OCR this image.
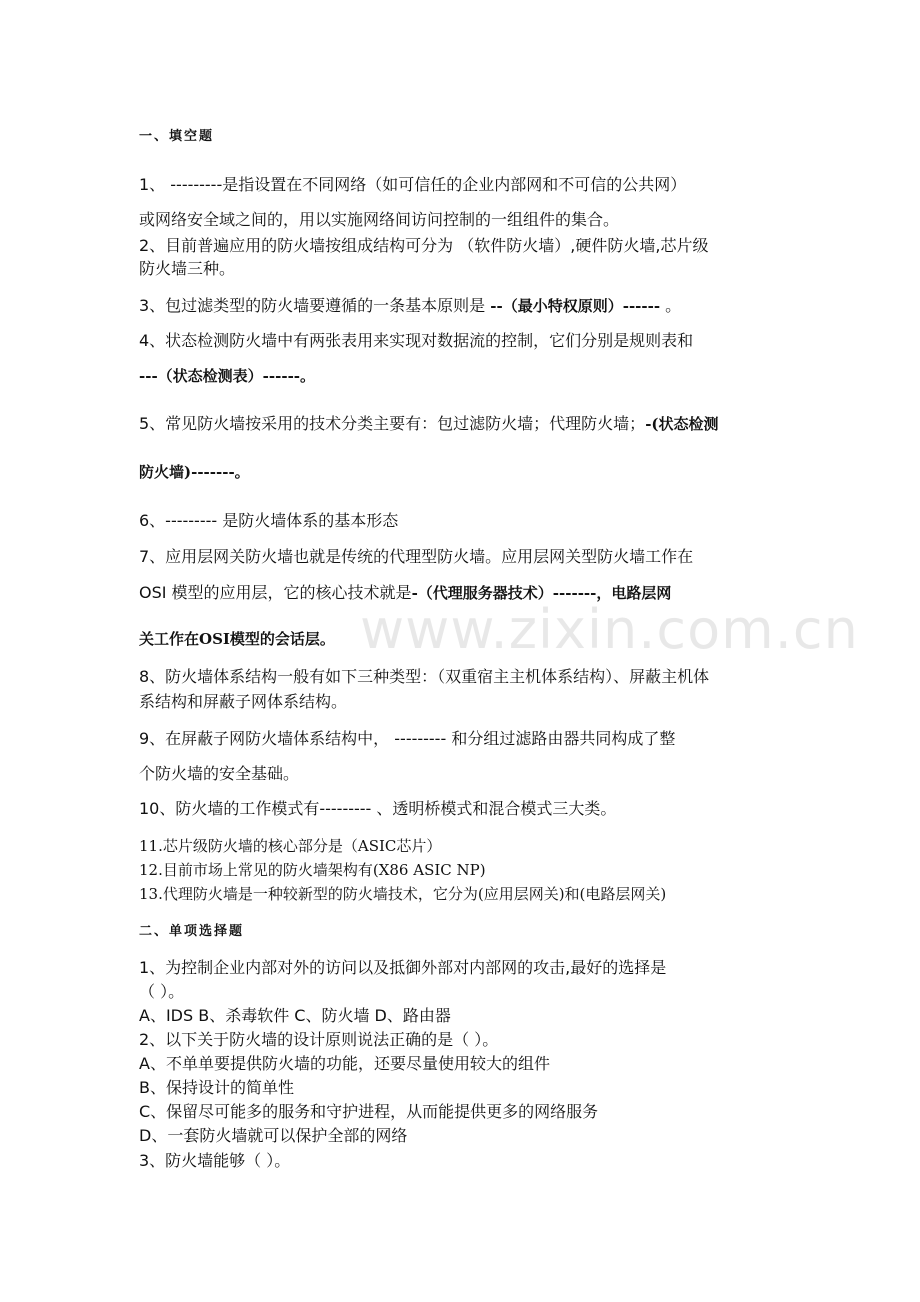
www.zixin.com.cn
一、填空题
1、 ---------是指设置在不同网络（如可信任的企业内部网和不可信的公共网）
或网络安全域之间的，用以实施网络间访问控制的一组组件的集合。
2、目前普遍应用的防火墙按组成结构可分为 （软件防火墙）,硬件防火墙,芯片级
防火墙三种。
3、包过滤类型的防火墙要遵循的一条基本原则是 --（最小特权原则）------ 。
4、状态检测防火墙中有两张表用来实现对数据流的控制，它们分别是规则表和
---（状态检测表）------。
5、常见防火墙按采用的技术分类主要有：包过滤防火墙；代理防火墙；-(状态检测
防火墙)-------。
6、--------- 是防火墙体系的基本形态
7、应用层网关防火墙也就是传统的代理型防火墙。应用层网关型防火墙工作在
OSI 模型的应用层，它的核心技术就是-（代理服务器技术）-------，电路层网
关工作在OSI模型的会话层。
8、防火墙体系结构一般有如下三种类型：（双重宿主主机体系结构）、屏蔽主机体
系结构和屏蔽子网体系结构。
9、在屏蔽子网防火墙体系结构中， --------- 和分组过滤路由器共同构成了整
个防火墙的安全基础。
10、防火墙的工作模式有--------- 、透明桥模式和混合模式三大类。
11.芯片级防火墙的核心部分是（ASIC芯片）
12.目前市场上常见的防火墙架构有(X86 ASIC NP)
13.代理防火墙是一种较新型的防火墙技术，它分为(应用层网关)和(电路层网关)
二、单项选择题
1、为控制企业内部对外的访问以及抵御外部对内部网的攻击,最好的选择是
（ ）。
A、IDS B、杀毒软件 C、防火墙 D、路由器
2、以下关于防火墙的设计原则说法正确的是（ ）。
A、不单单要提供防火墙的功能，还要尽量使用较大的组件
B、保持设计的简单性
C、保留尽可能多的服务和守护进程，从而能提供更多的网络服务
D、一套防火墙就可以保护全部的网络
3、防火墙能够（ ）。
